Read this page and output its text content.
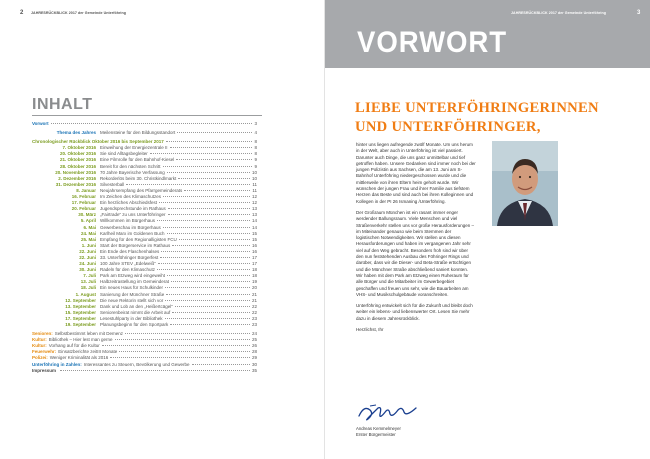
2 JAHRESRÜCKBLICK 2017 der Gemeinde Unterföhring
INHALT
Vorwort	3
Thema des Jahres Meilensteine für den Bildungsstandort	4
Chronologischer Rückblick Oktober 2016 bis September 2017	8
7. Oktober 2016 Einweihung der Energiezentrale II	8
20. Oktober 2016 Sie sind Alltagsbegleiter	8
21. Oktober 2016 Eine Filmrolle für den Bahnhof-Kiesel	9
28. Oktober 2016 Bereit für den nächsten Schritt	9
20. November 2016 70 Jahre Bayerische Verfassung	10
2. Dezember 2016 Rekorderlös beim 30. Christkindlmarkt	10
31. Dezember 2016 Silvesterball	11
8. Januar Neujahrsempfang des Pfarrgemeinderats	11
16. Februar Im Zeichen des Klimaschutzes	12
17. Februar Ein herzliches Abschiedsfest	12
20. Februar Jugendsprechstunde im Rathaus	13
30. März „Fairtrade“ zu uns Unterföhringer	13
5. April Willkommen im Bürgerhaus	14
6. Mai Gewerbeschau im Bürgerhaus	14
24. Mai Karlheil Marx im Goldenen Buch	15
25. Mai Empfang für den Regionalligisten FCU	15
1. Juni Start der Bürgerservice im Rathaus	16
22. Juni Ein Ende des Flaschenhalses	16
22. Juni 33. Unterföhringer Bürgerfest	17
24. Juni 100 Jahre STEV „Edelweiß“	17
30. Juni Radeln für den Klimaschutz	18
7. Juli Park am Etzweg wird eingeweiht	18
13. Juli Halbzeitrastellung im Gemeinderat	19
18. Juli Ein neues Haus für Schulkinder	20
1. August Sanierung der Münchner Straße	21
12. September Die neue Rektorin stellt sich vor	21
13. September Dank und Lob an den „Heißertcägel“	22
15. September Seniorenbeirat nimmt die Arbeit auf	22
17. September Lesestuhlparty in der Bibliothek	23
19. September Planungsbeginn für den Sportpark	23
Senioren: Selbstbestimmt leben mit Demenz	24
Kultur: Bibliothek – Hier lest man gerne	25
Kultur: Vorhang auf für die Kultur	26
Feuerwehr: Einsatzberichte zeitIII Monate	28
Polizei: Weniger Kriminalität als 2016	29
Unterföhring in Zahlen: Interessantes zu Steuern, Bevölkerung und Gewerbe	30
Impressum	35
JAHRESRÜCKBLICK 2017 der Gemeinde Unterföhring	3
VORWORT
LIEBE UNTERFÖHRINGERINNEN
UND UNTERFÖHRINGER,

hinter uns liegen aufregende zwölf Monate. Um uns herum in der Welt, aber auch in Unterföhring ist viel passiert. Darunter auch Dinge, die uns ganz unmittelbar und tief getroffen haben. Unsere Gedanken sind immer noch bei der jungen Polizistin aus Sachsen, die am 13. Juni am S-Bahnhof Unterföhring niedergeschossen wurde und die mittlerweile von ihren Eltern heim geholt wurde. Wir wünschen der jungen Frau und ihrer Familie aus tiefstem Herzen das Beste und sind auch bei ihren Kolleginnen und Kollegen in der PI 26 Ismaning /Unterföhring.

Der Großraum München ist ein rasant immer enger werdender Ballungsraum. Viele Menschen und viel Straßenverkehr stellen uns vor große Herausforderungen – im Miteinander genauso wie beim Stemmen der logistischen Notwendigkeiten. Wir stellen uns diesen Herausforderungen und haben im vergangenen Jahr sehr viel auf den Weg gebracht. Besonders froh sind wir über den nun feststehenden Ausbau des Föhringer Rings und darüber, dass wir die Dieser- und Beta-Straße ertüchtigen und die Münchner Straße abschließend saniert konnten. Wir haben mit dem Park am Etzweg einen Ruheraum für alle Bürger und die Mitarbeiter im Gewerbegebiet geschaffen und freuen uns sehr, wie die Bauarbeiten am VHS- und Musikschulgebäude voranschreiten.

Unterföhring entwickelt sich für die Zukunft und bleibt doch weiter ein lebens- und liebenswerter Ort. Lesen Sie mehr dazu in diesem Jahresrückblick.

Herzlichst, Ihr

Andreas Kemmelmeyer
Erster Bürgermeister
